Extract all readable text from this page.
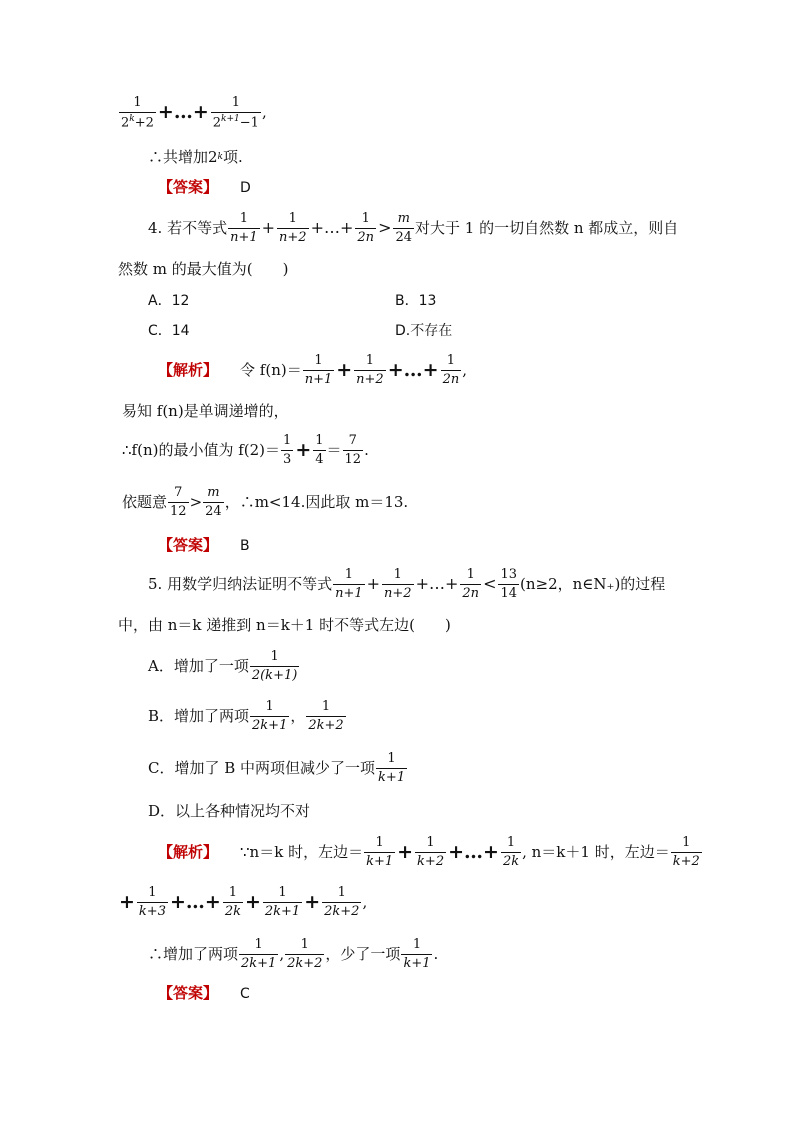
1
$2^k+2$ +…+ $\frac{1}{2^{k+1}-1}$ ,
∴共增加2 k 项.
【答案】 D
4. 若不等式
1
$n+1 + \frac{1}{n+2}$ +…+ $\frac{1}{2n} > m$
24
对大于 1 的一切自然数 n 都成立，则自
然数 m 的最大值为(　　)
A．12	B．13
C．14	D.不存在
【解析】 令 f(n)＝
1
$n+1 + \frac{1}{n+2}$ +…+ $\frac{1}{2n}$ ,
易知 f(n)是单调递增的，
∴f(n)的最小值为 f(2)＝
1
$3 + \frac{1}{4}$ ＝
7
12
.
依题意
7
12
>
m
24
，∴m<14.因此取 m＝13.
【答案】 B
5. 用数学归纳法证明不等式
1
$n+1 + \frac{1}{n+2}$ +…+ $\frac{1}{2n} < 13$
14
(n≥2，n∈N₊)的过程
中，由 n＝k 递推到 n＝k＋1 时不等式左边(　　)
A．增加了一项
1
2(k+1)
B．增加了两项
1
2k+1
，
1
2k+2
C．增加了 B 中两项但减少了一项
1
k+1
D．以上各种情况均不对
【解析】 ∵n＝k 时，左边＝
1
$k+1 + \frac{1}{k+2}$ +…+ $\frac{1}{2k}$ , n＝k＋1 时，左边＝
1
k+2
+ $\frac{1}{k+3}$ +…+ $\frac{1}{2k} + \frac{1}{2k+1} + \frac{1}{2k+2}$ ,
∴增加了两项
1
2k+1
,
1
2k+2
，少了一项
1
k+1
.
【答案】 C
